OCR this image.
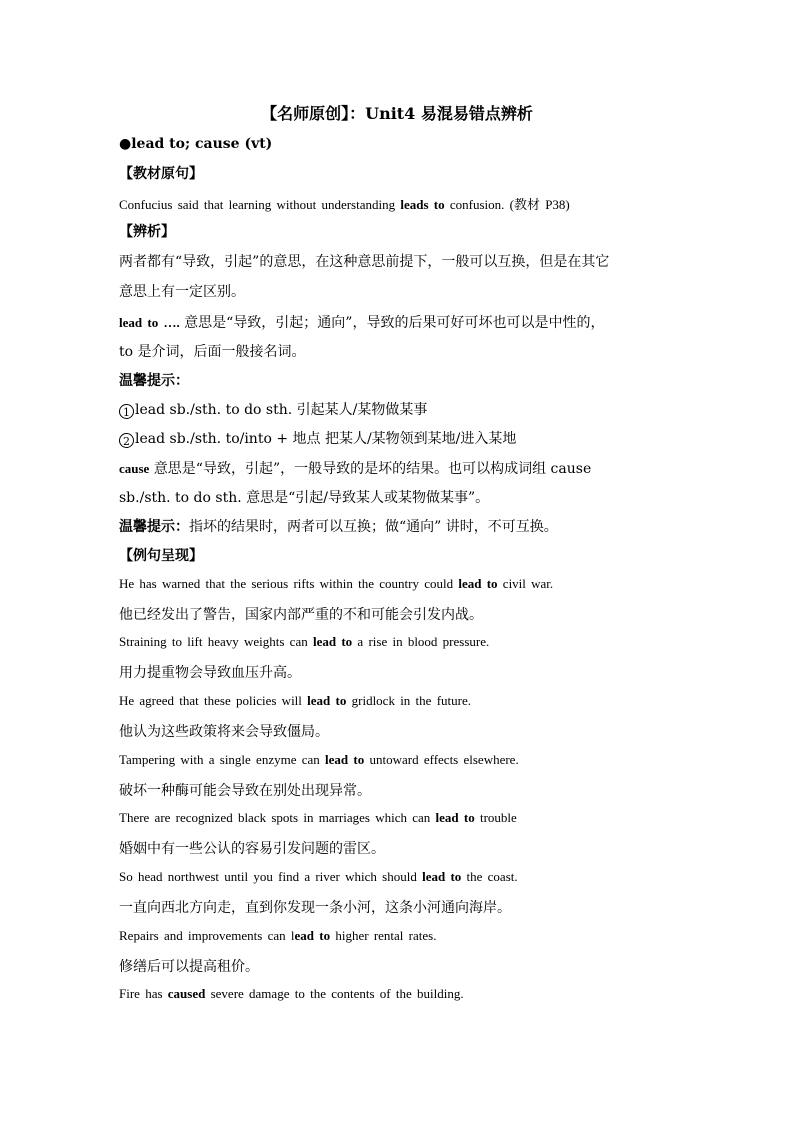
【名师原创】：Unit4 易混易错点辨析
●lead to; cause (vt)
【教材原句】
Confucius said that learning without understanding leads to confusion. (教材 P38)
【辨析】
两者都有“导致，引起”的意思，在这种意思前提下，一般可以互换，但是在其它
意思上有一定区别。
lead to …. 意思是“导致，引起；通向”，导致的后果可好可坏也可以是中性的，
to 是介词，后面一般接名词。
温馨提示：
1 lead sb./sth. to do sth. 引起某人/某物做某事
2 lead sb./sth. to/into + 地点 把某人/某物领到某地/进入某地
cause 意思是“导致，引起”，一般导致的是坏的结果。也可以构成词组 cause
sb./sth. to do sth. 意思是“引起/导致某人或某物做某事”。
温馨提示：指坏的结果时，两者可以互换；做“通向” 讲时，不可互换。
【例句呈现】
He has warned that the serious rifts within the country could lead to civil war.
他已经发出了警告，国家内部严重的不和可能会引发内战。
Straining to lift heavy weights can lead to a rise in blood pressure.
用力提重物会导致血压升高。
He agreed that these policies will lead to gridlock in the future.
他认为这些政策将来会导致僵局。
Tampering with a single enzyme can lead to untoward effects elsewhere.
破坏一种酶可能会导致在别处出现异常。
There are recognized black spots in marriages which can lead to trouble
婚姻中有一些公认的容易引发问题的雷区。
So head northwest until you find a river which should lead to the coast.
一直向西北方向走，直到你发现一条小河，这条小河通向海岸。
Repairs and improvements can lead to higher rental rates.
修缮后可以提高租价。
Fire has caused severe damage to the contents of the building.
